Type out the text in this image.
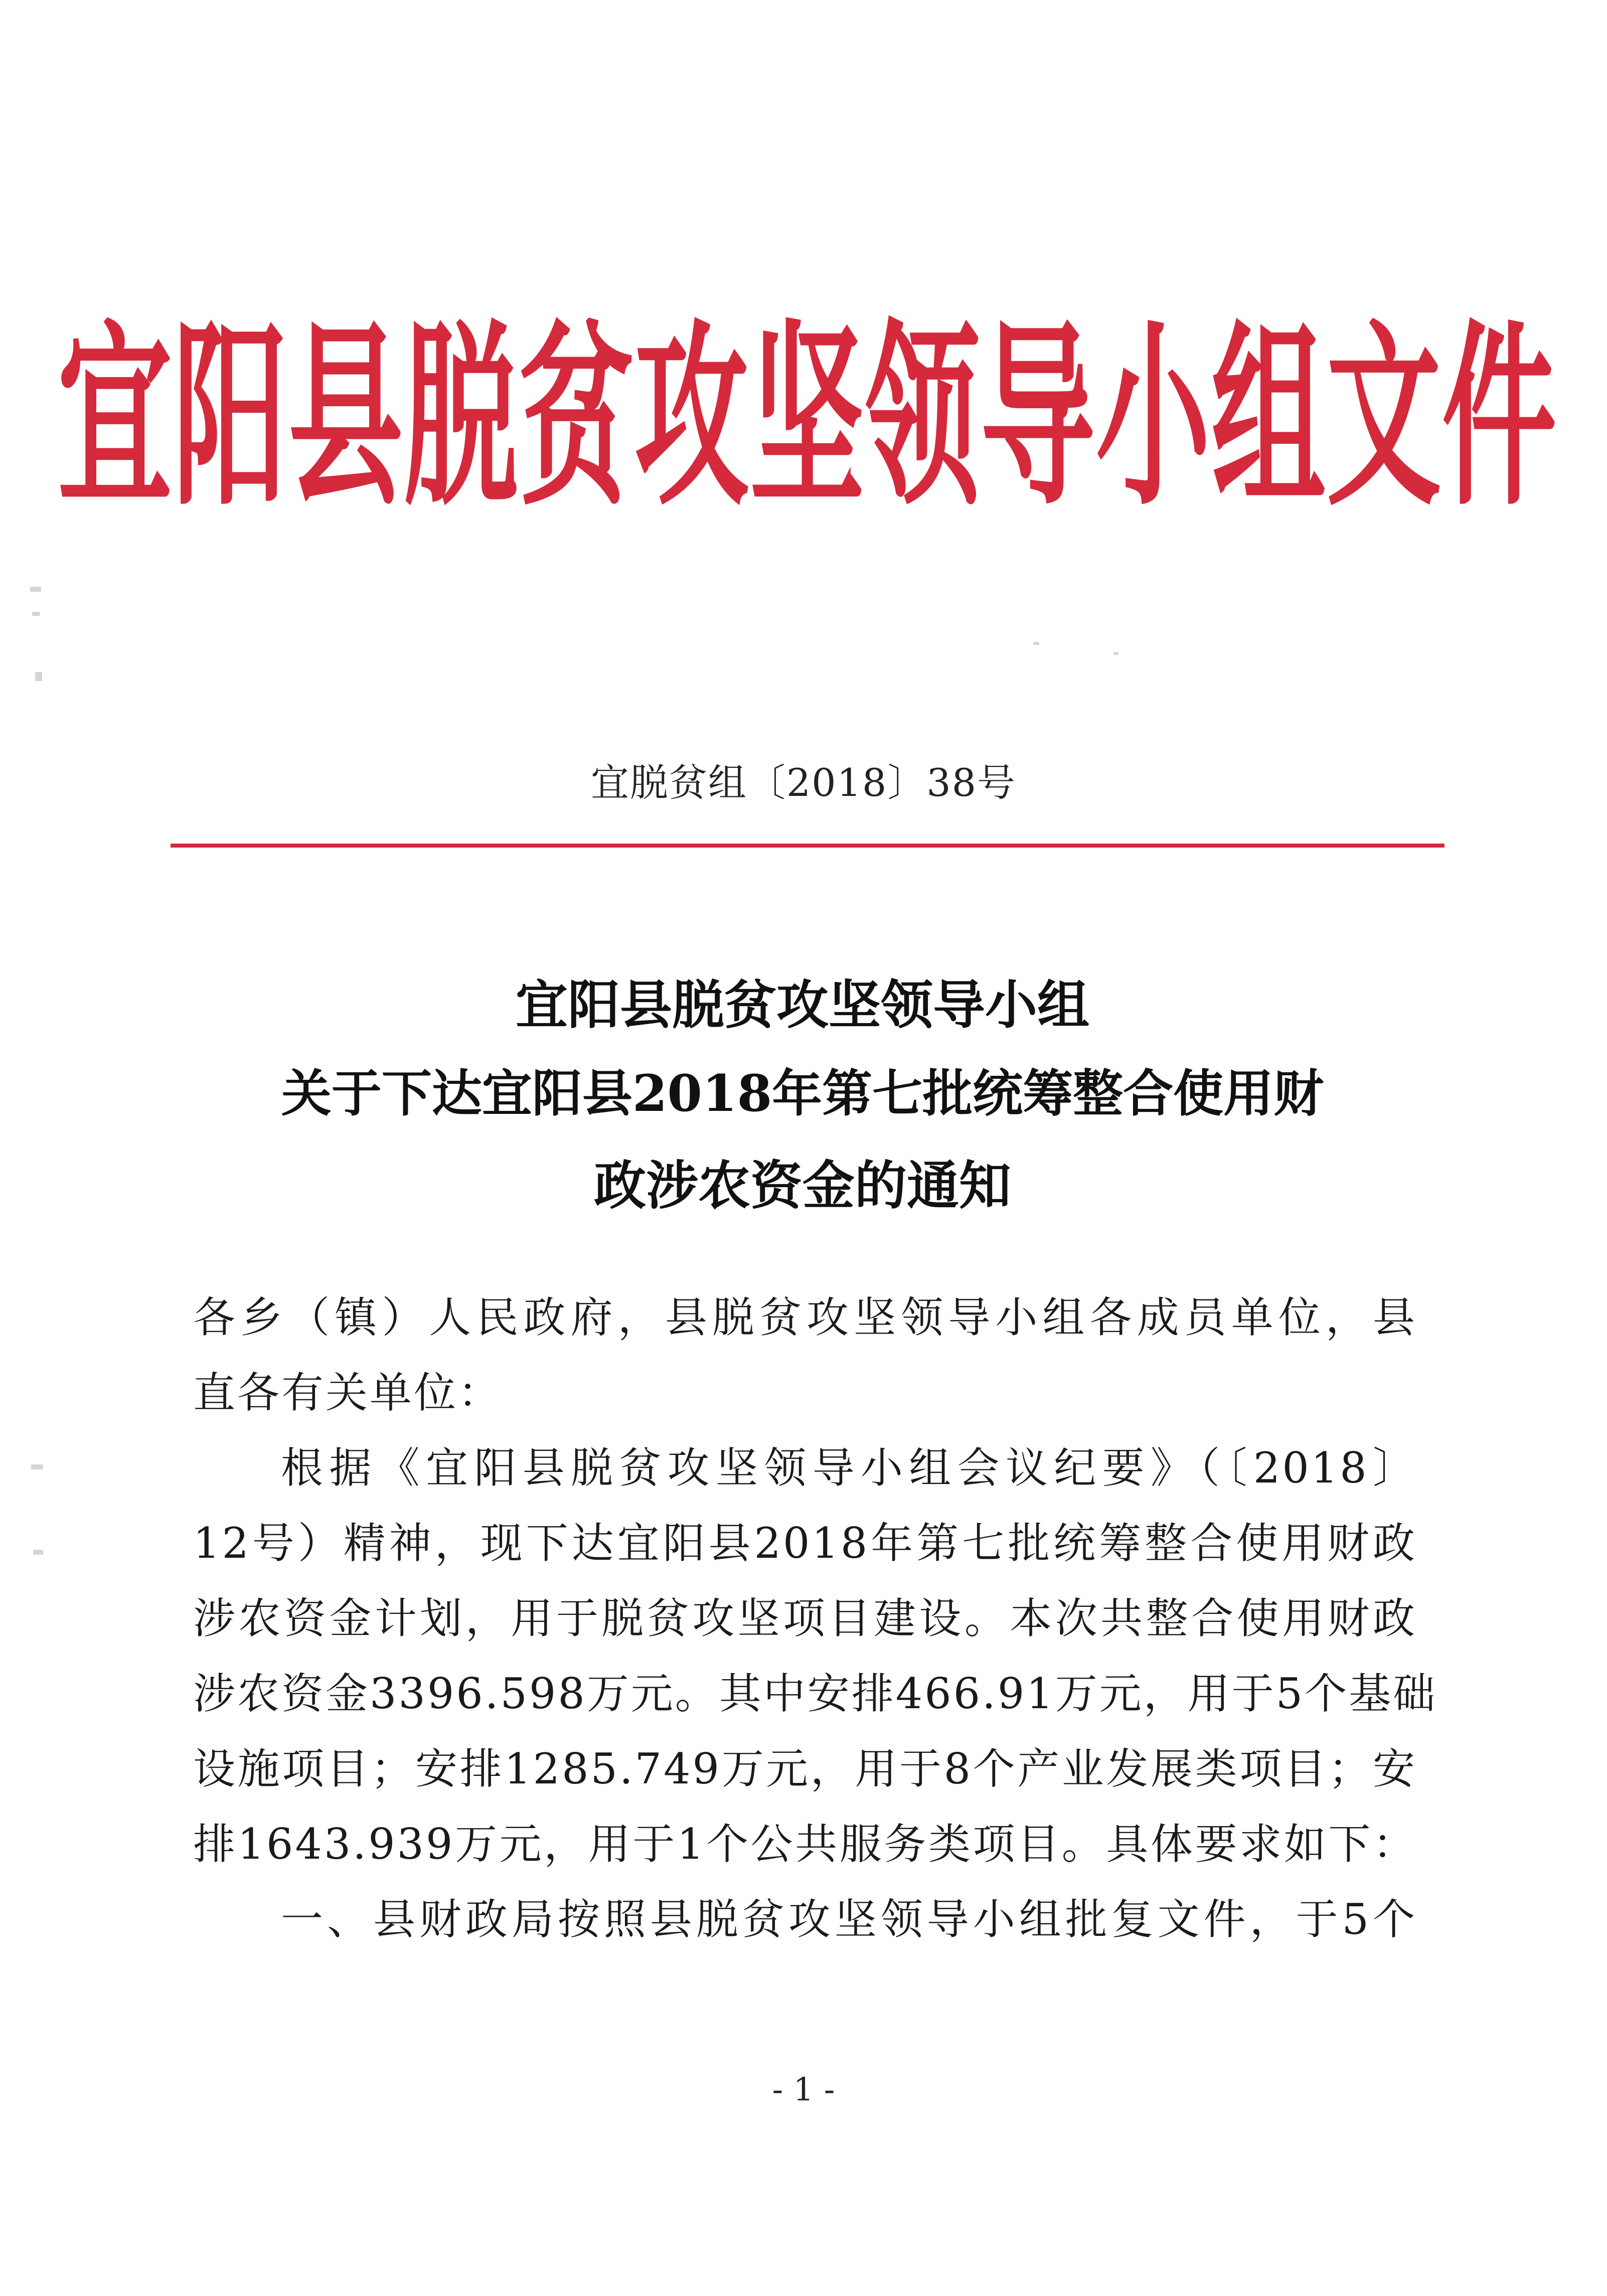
宜阳县脱贫攻坚领导小组文件
宜脱贫组〔2018〕38号
宜阳县脱贫攻坚领导小组
关于下达宜阳县2018年第七批统筹整合使用财
政涉农资金的通知
各乡（镇）人民政府，县脱贫攻坚领导小组各成员单位，县
直各有关单位：
根据《宜阳县脱贫攻坚领导小组会议纪要》（〔2018〕
12号）精神，现下达宜阳县2018年第七批统筹整合使用财政
涉农资金计划，用于脱贫攻坚项目建设。本次共整合使用财政
涉农资金3396.598万元。其中安排466.91万元，用于5个基础
设施项目；安排1285.749万元，用于8个产业发展类项目；安
排1643.939万元，用于1个公共服务类项目。具体要求如下：
一、县财政局按照县脱贫攻坚领导小组批复文件，于5个
- 1 -
